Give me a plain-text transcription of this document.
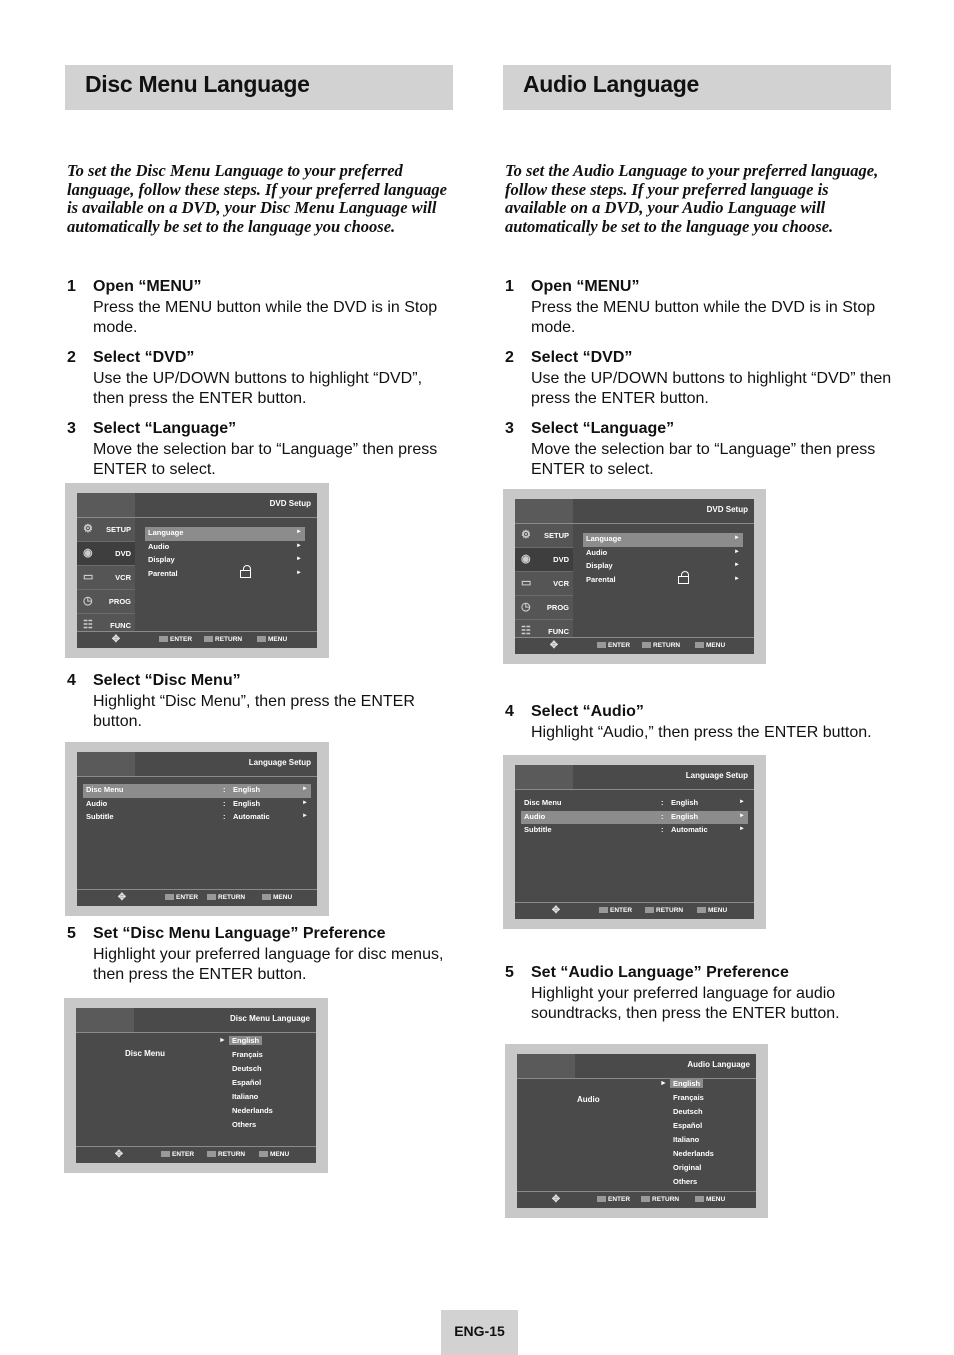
Disc Menu Language
To set the Disc Menu Language to your preferred language, follow these steps. If your preferred language is available on a DVD, your Disc Menu Language will automatically be set to the language you choose.
1 Open “MENU”
Press the MENU button while the DVD is in Stop mode.
2 Select “DVD”
Use the UP/DOWN buttons to highlight “DVD”, then press the ENTER button.
3 Select “Language”
Move the selection bar to “Language” then press ENTER to select.
DVD Setup
⚙	SETUP
◉	DVD
▭	VCR
◷	PROG
☷	FUNC
Language	►
Audio	►
Display	►
Parental	►
✥	ENTER	RETURN	MENU
4 Select “Disc Menu”
Highlight “Disc Menu”, then press the ENTER button.
Language Setup
Disc Menu	: English	►
Audio	: English	►
Subtitle	: Automatic	►
✥	ENTER	RETURN	MENU
5 Set “Disc Menu Language” Preference
Highlight your preferred language for disc menus, then press the ENTER button.
Disc Menu Language
Disc Menu
► English
Français
Deutsch
Español
Italiano
Nederlands
Others
✥	ENTER	RETURN	MENU
Audio Language
To set the Audio Language to your preferred language, follow these steps. If your preferred language is available on a DVD, your Audio Language will automatically be set to the language you choose.
1 Open “MENU”
Press the MENU button while the DVD is in Stop mode.
2 Select “DVD”
Use the UP/DOWN buttons to highlight “DVD” then press the ENTER button.
3 Select “Language”
Move the selection bar to “Language” then press ENTER to select.
DVD Setup
⚙	SETUP
◉	DVD
▭	VCR
◷	PROG
☷	FUNC
Language	►
Audio	►
Display	►
Parental	►
✥	ENTER	RETURN	MENU
4 Select “Audio”
Highlight “Audio,” then press the ENTER button.
Language Setup
Disc Menu	: English	►
Audio	: English	►
Subtitle	: Automatic	►
✥	ENTER	RETURN	MENU
5 Set “Audio Language” Preference
Highlight your preferred language for audio soundtracks, then press the ENTER button.
Audio Language
Audio
► English
Français
Deutsch
Español
Italiano
Nederlands
Original
Others
✥	ENTER	RETURN	MENU
ENG-15
